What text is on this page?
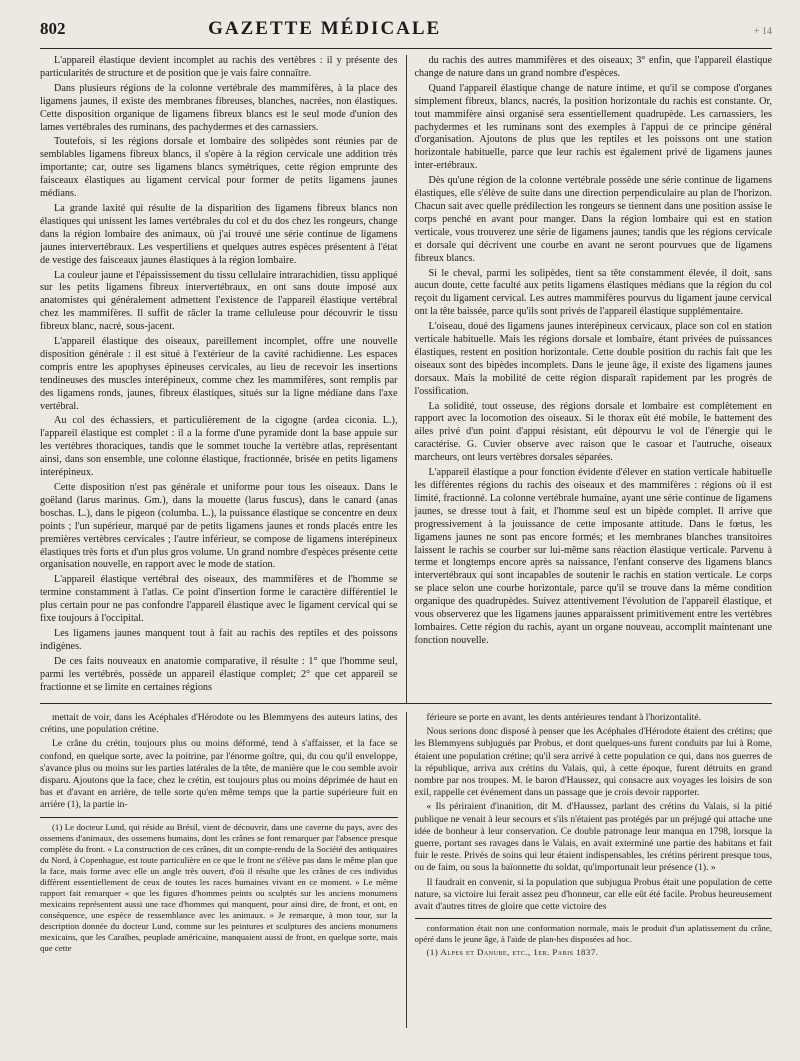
802	GAZETTE MÉDICALE	+ 14

L'appareil élastique devient incomplet au rachis des vertèbres : il y présente des particularités de structure et de position que je vais faire connaître.

Dans plusieurs régions de la colonne vertébrale des mammifères, à la place des ligamens jaunes, il existe des membranes fibreuses, blanches, nacrées, non élastiques. Cette disposition organique de ligamens fibreux blancs est le seul mode d'union des lames vertébrales des ruminans, des pachydermes et des carnassiers.

Toutefois, si les régions dorsale et lombaire des solipèdes sont réunies par de semblables ligamens fibreux blancs, il s'opère à la région cervicale une addition très importante; car, outre ses ligamens blancs symétriques, cette région emprunte des faisceaux élastiques au ligament cervical pour former de petits ligamens jaunes médians.

La grande laxité qui résulte de la disparition des ligamens fibreux blancs non élastiques qui unissent les lames vertébrales du col et du dos chez les rongeurs, change dans la région lombaire des animaux, où j'ai trouvé une série continue de ligamens jaunes intervertébraux. Les vespertiliens et quelques autres espèces présentent à l'état de vestige des faisceaux jaunes élastiques à la région lombaire.

La couleur jaune et l'épaississement du tissu cellulaire intrarachidien, tissu appliqué sur les petits ligamens fibreux intervertébraux, en ont sans doute imposé aux anatomistes qui généralement admettent l'existence de l'appareil élastique vertébral chez les mammifères. Il suffit de râcler la trame celluleuse pour découvrir le tissu fibreux blanc, nacré, sous-jacent.

L'appareil élastique des oiseaux, pareillement incomplet, offre une nouvelle disposition générale : il est situé à l'extérieur de la cavité rachidienne. Les espaces compris entre les apophyses épineuses cervicales, au lieu de recevoir les insertions tendineuses des muscles interépineux, comme chez les mammifères, sont remplis par des ligamens ronds, jaunes, fibreux élastiques, situés sur la ligne médiane dans l'axe vertébral.

Au col des échassiers, et particulièrement de la cigogne (ardea ciconia. L.), l'appareil élastique est complet : il a la forme d'une pyramide dont la base appuie sur les vertèbres thoraciques, tandis que le sommet touche la vertèbre atlas, représentant ainsi, dans son ensemble, une colonne élastique, fractionnée, brisée en petits ligamens interépineux.

Cette disposition n'est pas générale et uniforme pour tous les oiseaux. Dans le goëland (larus marinus. Gm.), dans la mouette (larus fuscus), dans le canard (anas boschas. L.), dans le pigeon (columba. L.), la puissance élastique se concentre en deux points ; l'un supérieur, marqué par de petits ligamens jaunes et ronds placés entre les premières vertèbres cervicales ; l'autre inférieur, se compose de ligamens interépineux élastiques très forts et d'un plus gros volume. Un grand nombre d'espèces présente cette organisation nouvelle, en rapport avec le mode de station.

L'appareil élastique vertébral des oiseaux, des mammifères et de l'homme se termine constamment à l'atlas. Ce point d'insertion forme le caractère différentiel le plus certain pour ne pas confondre l'appareil élastique avec le ligament cervical qui se fixe toujours à l'occipital.

Les ligamens jaunes manquent tout à fait au rachis des reptiles et des poissons indigènes.

De ces faits nouveaux en anatomie comparative, il résulte : 1° que l'homme seul, parmi les vertébrés, possède un appareil élastique complet; 2° que cet appareil se fractionne et se limite en certaines régions

du rachis des autres mammifères et des oiseaux; 3° enfin, que l'appareil élastique change de nature dans un grand nombre d'espèces.

Quand l'appareil élastique change de nature intime, et qu'il se compose d'organes simplement fibreux, blancs, nacrés, la position horizontale du rachis est constante. Or, tout mammifère ainsi organisé sera essentiellement quadrupède. Les carnassiers, les pachydermes et les ruminans sont des exemples à l'appui de ce principe général d'organisation. Ajoutons de plus que les reptiles et les poissons ont une station horizontale habituelle, parce que leur rachis est également privé de ligamens jaunes inter-ertébraux.

Dès qu'une région de la colonne vertébrale possède une série continue de ligamens élastiques, elle s'élève de suite dans une direction perpendiculaire au plan de l'horizon. Chacun sait avec quelle prédilection les rongeurs se tiennent dans une position assise le corps penché en avant pour manger. Dans la région lombaire qui est en station verticale, vous trouverez une série de ligamens jaunes; tandis que les régions cervicale et dorsale qui décrivent une courbe en avant ne seront pourvues que de ligamens fibreux blancs.

Si le cheval, parmi les solipèdes, tient sa tête constamment élevée, il doit, sans aucun doute, cette faculté aux petits ligamens élastiques médians que la région du col reçoit du ligament cervical. Les autres mammifères pourvus du ligament jaune cervical ont la tête baissée, parce qu'ils sont privés de l'appareil élastique supplémentaire.

L'oiseau, doué des ligamens jaunes interépineux cervicaux, place son col en station verticale habituelle. Mais les régions dorsale et lombaire, étant privées de puissances élastiques, restent en position horizontale. Cette double position du rachis fait que les oiseaux sont des bipèdes incomplets. Dans le jeune âge, il existe des ligamens jaunes dorsaux. Mais la mobilité de cette région disparaît rapidement par les progrès de l'ossification.

La solidité, tout osseuse, des régions dorsale et lombaire est complètement en rapport avec la locomotion des oiseaux. Si le thorax eût été mobile, le battement des ailes privé d'un point d'appui résistant, eût dépourvu le vol de l'énergie qui le caractérise. G. Cuvier observe avec raison que le casoar et l'autruche, oiseaux marcheurs, ont leurs vertèbres dorsales séparées.

L'appareil élastique a pour fonction évidente d'élever en station verticale habituelle les différentes régions du rachis des oiseaux et des mammifères : régions où il est limité, fractionné. La colonne vertébrale humaine, ayant une série continue de ligamens jaunes, se dresse tout à fait, et l'homme seul est un bipède complet. Il arrive que progressivement à la jouissance de cette imposante attitude. Dans le fœtus, les ligamens jaunes ne sont pas encore formés; et les membranes blanches transitoires laissent le rachis se courber sur lui-même sans réaction élastique verticale. Parvenu à terme et longtemps encore après sa naissance, l'enfant conserve des ligamens blancs intervertébraux qui sont incapables de soutenir le rachis en station verticale. Le corps se place selon une courbe horizontale, parce qu'il se trouve dans la même condition organique des quadrupèdes. Suivez attentivement l'évolution de l'appareil élastique, et vous observerez que les ligamens jaunes apparaissent primitivement entre les vertèbres lombaires. Cette région du rachis, ayant un organe nouveau, accomplit maintenant une fonction nouvelle.

mettait de voir, dans les Acéphales d'Hérodote ou les Blemmyens des auteurs latins, des crétins, une population crétine.

Le crâne du crétin, toujours plus ou moins déformé, tend à s'affaisser, et la face se confond, en quelque sorte, avec la poitrine, par l'énorme goître, qui, du cou qu'il enveloppe, s'avance plus ou moins sur les parties latérales de la tête, de manière que le cou semble avoir disparu. Ajoutons que la face, chez le crétin, est toujours plus ou moins déprimée de haut en bas et d'avant en arrière, de telle sorte qu'en même temps que la partie supérieure fuit en arrière (1), la partie in-

(1) Le docteur Lund, qui réside au Brésil, vient de découvrir, dans une caverne du pays, avec des ossemens d'animaux, des ossemens humains, dont les crânes se font remarquer par l'absence presque complète du front. « La construction de ces crânes, dit un compte-rendu de la Société des antiquaires du Nord, à Copenhague, est toute particulière en ce que le front ne s'élève pas dans le même plan que la face, mais forme avec elle un angle très ouvert, d'où il résulte que les crânes de ces individus diffèrent essentiellement de ceux de toutes les races humaines vivant en ce moment. » Le même rapport fait remarquer « que les figures d'hommes peints ou sculptés sur les anciens monumens mexicains représentent aussi une race d'hommes qui manquent, pour ainsi dire, de front, et ont, en conséquence, une espèce de ressemblance avec les animaux. » Je remarque, à mon tour, sur la description donnée du docteur Lund, comme sur les peintures et sculptures des anciens monumens mexicains, que les Caraïbes, peuplade américaine, manquaient aussi de front, en quelque sorte, mais que cette

férieure se porte en avant, les dents antérieures tendant à l'horizontalité.

Nous serions donc disposé à penser que les Acéphales d'Hérodote étaient des crétins; que les Blemmyens subjugués par Probus, et dont quelques-uns furent conduits par lui à Rome, étaient une population crétine; qu'il sera arrivé à cette population ce qui, dans nos guerres de la république, arriva aux crétins du Valais, qui, à cette époque, furent détruits en grand nombre par nos troupes. M. le baron d'Haussez, qui consacre aux voyages les loisirs de son exil, rappelle cet événement dans un passage que je crois devoir rapporter.

« Ils périraient d'inanition, dit M. d'Haussez, parlant des crétins du Valais, si la pitié publique ne venait à leur secours et s'ils n'étaient pas protégés par un préjugé qui attache une idée de bonheur à leur conservation. Ce double patronage leur manqua en 1798, lorsque la guerre, portant ses ravages dans le Valais, en avait exterminé une partie des habitans et fait fuir le reste. Privés de soins qui leur étaient indispensables, les crétins périrent presque tous, ou de faim, ou sous la baïonnette du soldat, qu'importunait leur présence (1). »

Il faudrait en convenir, si la population que subjugua Probus était une population de cette nature, sa victoire lui ferait assez peu d'honneur, car elle eût été facile. Probus heureusement avait d'autres titres de gloire que cette victoire des

conformation était non une conformation normale, mais le produit d'un aplatissement du crâne, opéré dans le jeune âge, à l'aide de plan-hes disposées ad hoc.

(1) Alpes et Danube, etc., 1er. Paris 1837.
